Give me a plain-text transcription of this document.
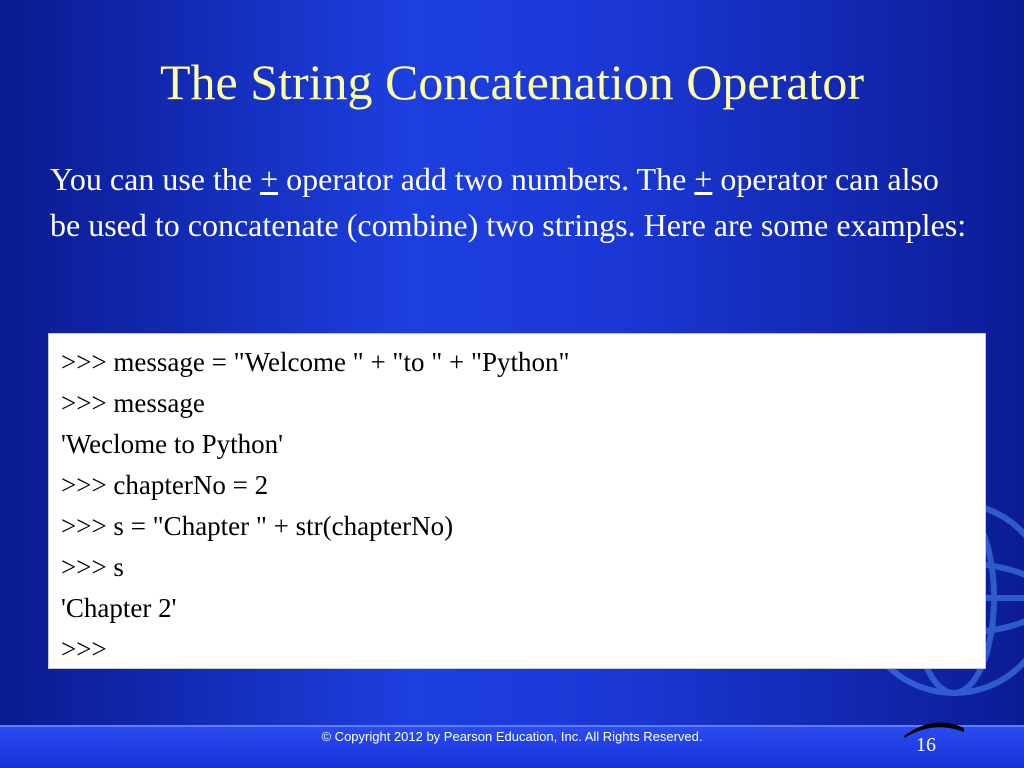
The String Concatenation Operator
You can use the + operator add two numbers. The + operator can also be used to concatenate (combine) two strings. Here are some examples:
>>> message = "Welcome " + "to " + "Python"
>>> message
'Weclome to Python'
>>> chapterNo = 2
>>> s = "Chapter " + str(chapterNo)
>>> s
'Chapter 2'
>>>
© Copyright 2012 by Pearson Education, Inc. All Rights Reserved.	16
